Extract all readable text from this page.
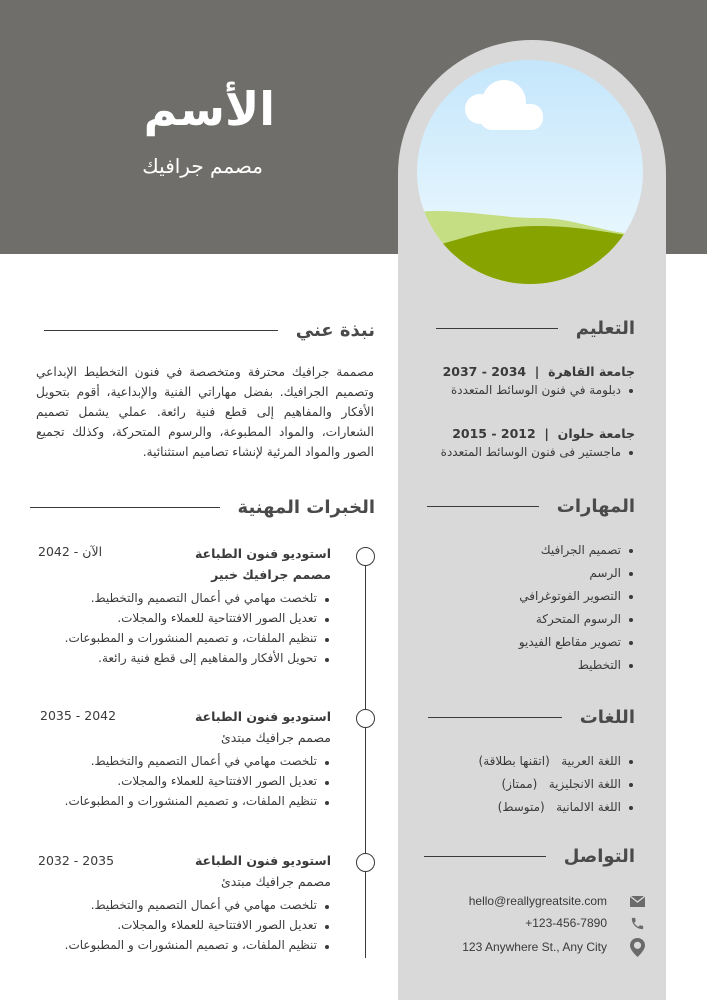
الأسم
مصمم جرافيك
نبذة عني

مصممة جرافيك محترفة ومتخصصة في فنون التخطيط الإبداعي وتصميم الجرافيك. بفضل مهاراتي الفنية والإبداعية، أقوم بتحويل الأفكار والمفاهيم إلى قطع فنية رائعة. عملي يشمل تصميم الشعارات، والمواد المطبوعة، والرسوم المتحركة، وكذلك تجميع الصور والمواد المرئية لإنشاء تصاميم استثنائية.

الخبرات المهنية
استوديو فنون الطباعة
مصمم جرافيك خبير
تلخصت مهامي في أعمال التصميم والتخطيط.
تعديل الصور الافتتاحية للعملاء والمجلات.
تنظيم الملفات، و تصميم المنشورات و المطبوعات.
تحويل الأفكار والمفاهيم إلى قطع فنية رائعة.
2042 - الآن
استوديو فنون الطباعة
مصمم جرافيك مبتدئ
تلخصت مهامي في أعمال التصميم والتخطيط.
تعديل الصور الافتتاحية للعملاء والمجلات.
تنظيم الملفات، و تصميم المنشورات و المطبوعات.
2035 - 2042
استوديو فنون الطباعة
مصمم جرافيك مبتدئ
تلخصت مهامي في أعمال التصميم والتخطيط.
تعديل الصور الافتتاحية للعملاء والمجلات.
تنظيم الملفات، و تصميم المنشورات و المطبوعات.
2032 - 2035
التعليم
جامعة القاهرة  |  2034 - 2037
دبلومة في فنون الوسائط المتعددة
جامعة حلوان  |  2012 - 2015
ماجستير فى فنون الوسائط المتعددة
المهارات
تصميم الجرافيك
الرسم
التصوير الفوتوغرافي
الرسوم المتحركة
تصوير مقاطع الفيديو
التخطيط
اللغات
اللغة العربية   (اتقنها بطلاقة)
اللغة الانجليزية   (ممتاز)
اللغة الالمانية   (متوسط)
التواصل
hello@reallygreatsite.com
+123-456-7890
123 Anywhere St., Any City
